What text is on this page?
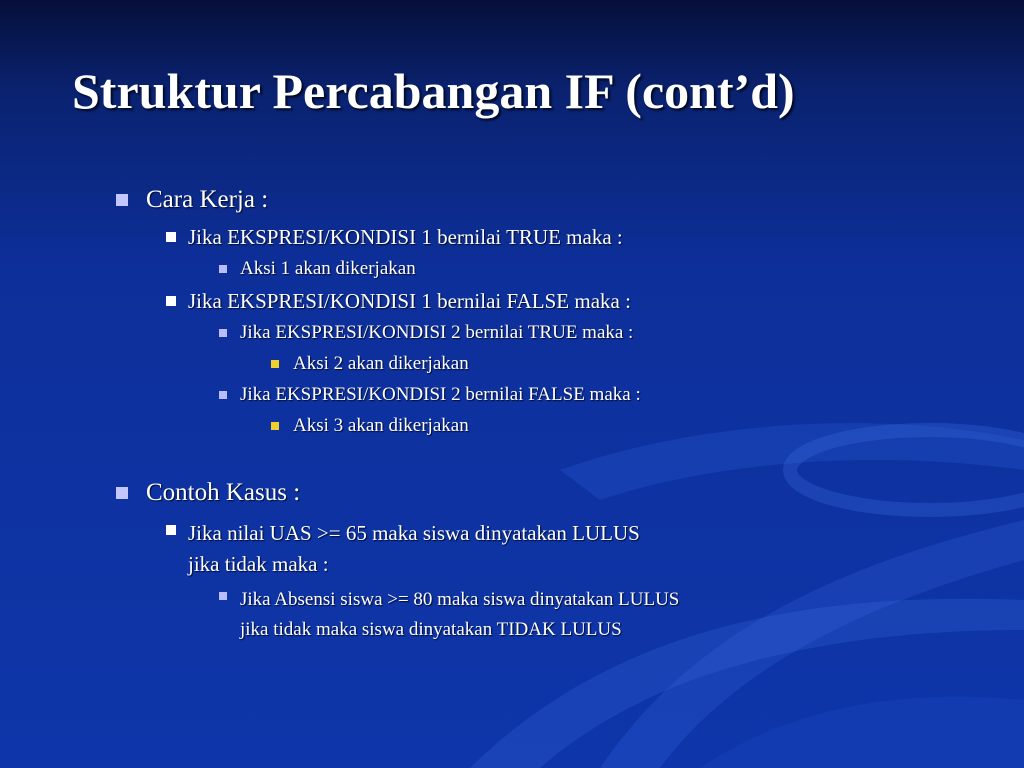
Struktur Percabangan IF (cont’d)
Cara Kerja :
Jika EKSPRESI/KONDISI 1 bernilai TRUE maka :
Aksi 1 akan dikerjakan
Jika EKSPRESI/KONDISI 1 bernilai FALSE maka :
Jika EKSPRESI/KONDISI 2 bernilai TRUE maka :
Aksi 2 akan dikerjakan
Jika EKSPRESI/KONDISI 2 bernilai FALSE maka :
Aksi 3 akan dikerjakan
Contoh Kasus :
Jika nilai UAS >= 65 maka siswa dinyatakan LULUS
jika tidak maka :
Jika Absensi siswa >= 80 maka siswa dinyatakan LULUS
jika tidak maka siswa dinyatakan TIDAK LULUS
